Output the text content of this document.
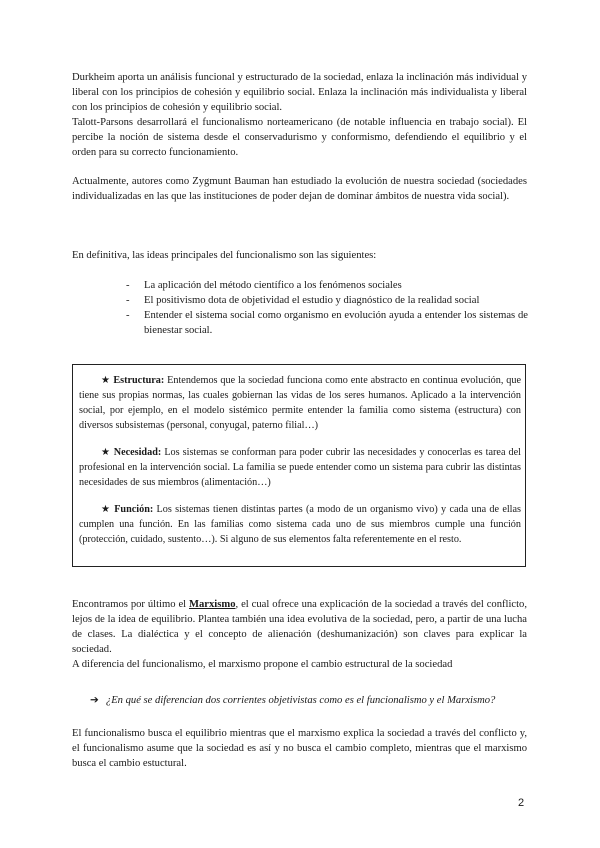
Durkheim aporta un análisis funcional y estructurado de la sociedad, enlaza la inclinación más individual y liberal con los principios de cohesión y equilibrio social. Enlaza la inclinación más individualista y liberal con los principios de cohesión y equilibrio social.

Talott-Parsons desarrollará el funcionalismo norteamericano (de notable influencia en trabajo social). El percibe la noción de sistema desde el conservadurismo y conformismo, defendiendo el equilibrio y el orden para su correcto funcionamiento.

Actualmente, autores como Zygmunt Bauman han estudiado la evolución de nuestra sociedad (sociedades individualizadas en las que las instituciones de poder dejan de dominar ámbitos de nuestra vida social).

En definitiva, las ideas principales del funcionalismo son las siguientes:

- La aplicación del método científico a los fenómenos sociales
- El positivismo dota de objetividad el estudio y diagnóstico de la realidad social
- Entender el sistema social como organismo en evolución ayuda a entender los sistemas de bienestar social.

★ Estructura: Entendemos que la sociedad funciona como ente abstracto en continua evolución, que tiene sus propias normas, las cuales gobiernan las vidas de los seres humanos. Aplicado a la intervención social, por ejemplo, en el modelo sistémico permite entender la familia como sistema (estructura) con diversos subsistemas (personal, conyugal, paterno filial…)

★ Necesidad: Los sistemas se conforman para poder cubrir las necesidades y conocerlas es tarea del profesional en la intervención social. La familia se puede entender como un sistema para cubrir las distintas necesidades de sus miembros (alimentación…)

★ Función: Los sistemas tienen distintas partes (a modo de un organismo vivo) y cada una de ellas cumplen una función. En las familias como sistema cada uno de sus miembros cumple una función (protección, cuidado, sustento…). Si alguno de sus elementos falta referentemente en el resto.

Encontramos por último el Marxismo, el cual ofrece una explicación de la sociedad a través del conflicto, lejos de la idea de equilibrio. Plantea también una idea evolutiva de la sociedad, pero, a partir de una lucha de clases. La dialéctica y el concepto de alienación (deshumanización) son claves para explicar la sociedad.

A diferencia del funcionalismo, el marxismo propone el cambio estructural de la sociedad

➔ ¿En qué se diferencian dos corrientes objetivistas como es el funcionalismo y el Marxismo?

El funcionalismo busca el equilibrio mientras que el marxismo explica la sociedad a través del conflicto y, el funcionalismo asume que la sociedad es así y no busca el cambio completo, mientras que el marxismo busca el cambio estuctural.

2
